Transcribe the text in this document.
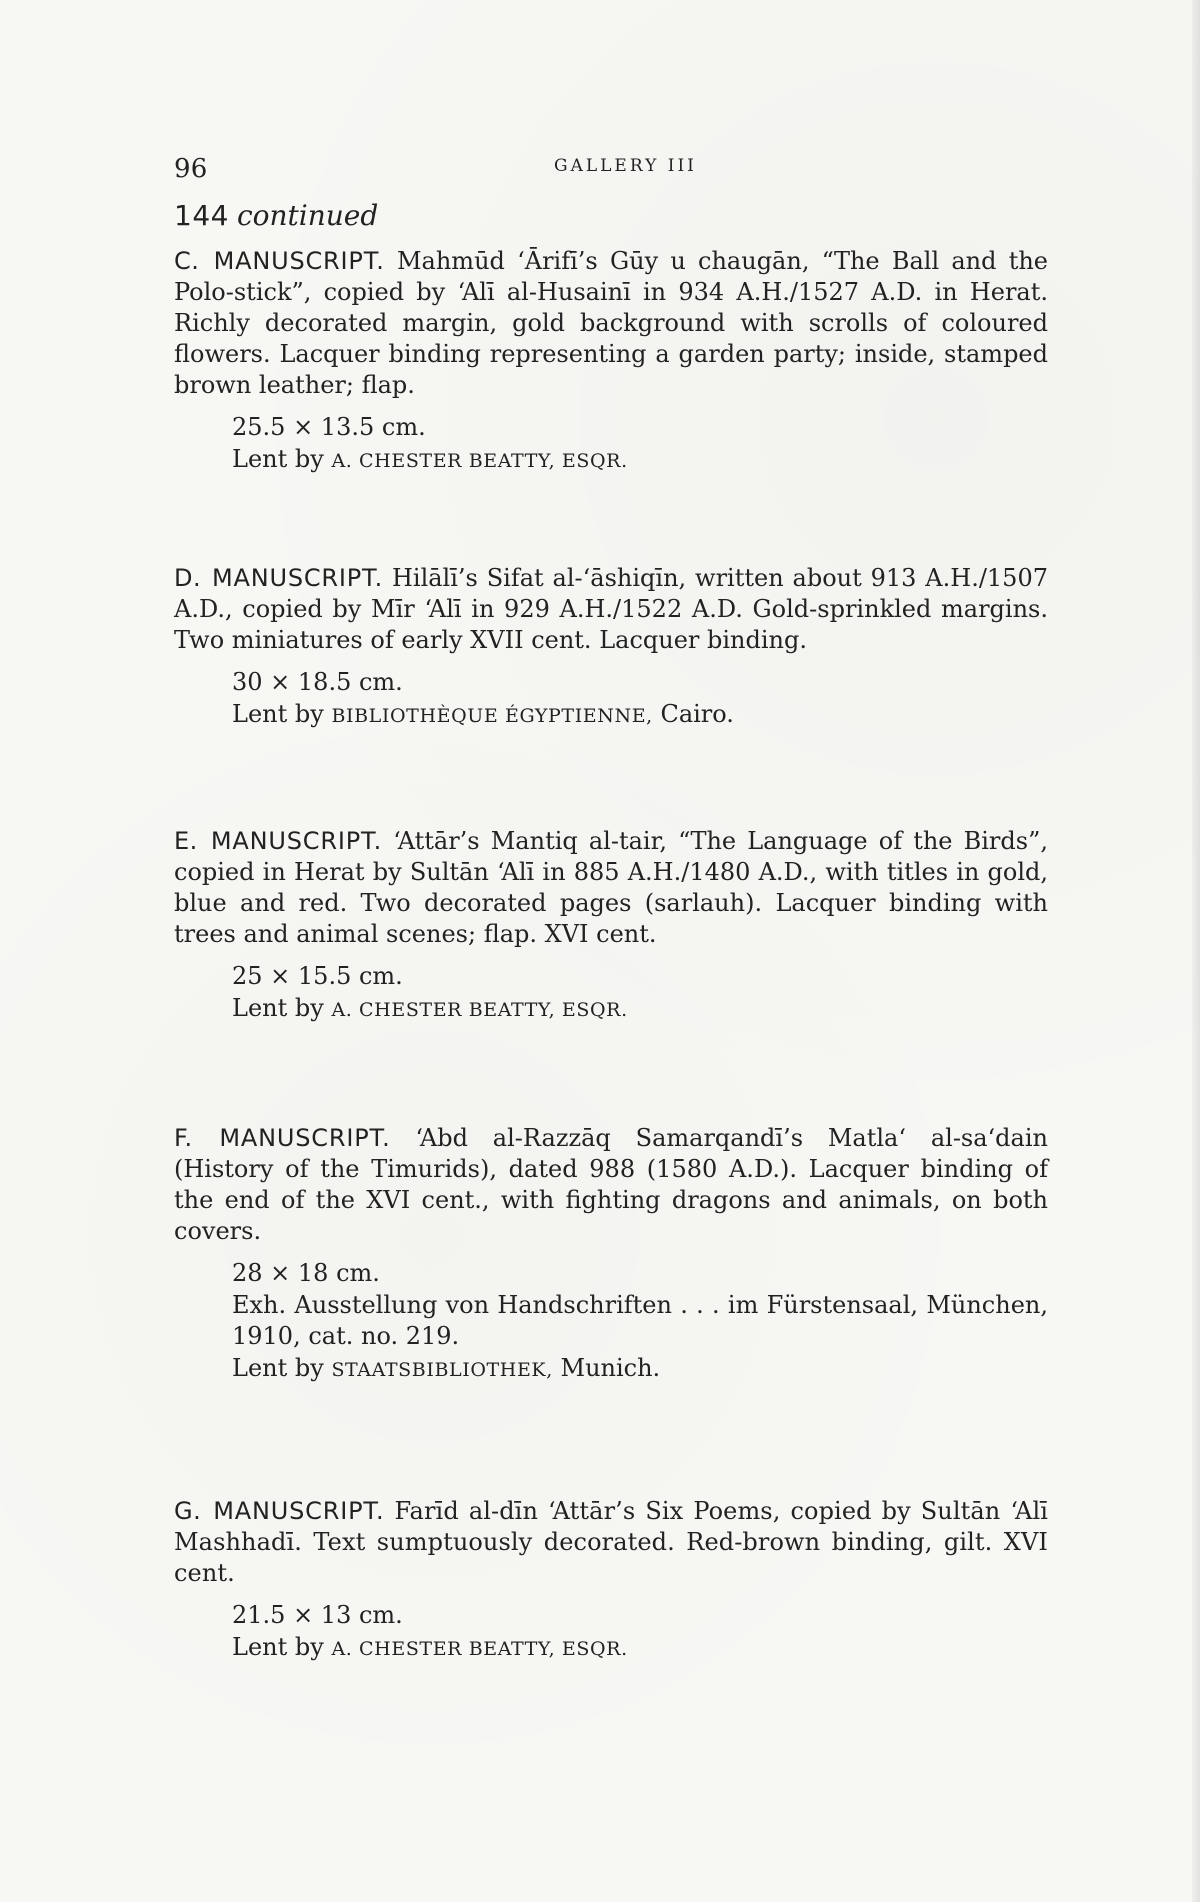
96	GALLERY III
144 continued

C. MANUSCRIPT. Mahmūd ‘Ārifī’s Gūy u chaugān, “The Ball and the Polo-stick”, copied by ‘Alī al-Husainī in 934 A.H./1527 A.D. in Herat. Richly decorated margin, gold background with scrolls of coloured flowers. Lacquer binding representing a garden party; inside, stamped brown leather; flap.

25.5 × 13.5 cm.
Lent by A. CHESTER BEATTY, ESQR.

D. MANUSCRIPT. Hilālī’s Sifat al-‘āshiqīn, written about 913 A.H./1507 A.D., copied by Mīr ‘Alī in 929 A.H./1522 A.D. Gold-sprinkled margins. Two miniatures of early XVII cent. Lacquer binding.

30 × 18.5 cm.
Lent by BIBLIOTHÈQUE ÉGYPTIENNE, Cairo.

E. MANUSCRIPT. ‘Attār’s Mantiq al-tair, “The Language of the Birds”, copied in Herat by Sultān ‘Alī in 885 A.H./1480 A.D., with titles in gold, blue and red. Two decorated pages (sarlauh). Lacquer binding with trees and animal scenes; flap. XVI cent.

25 × 15.5 cm.
Lent by A. CHESTER BEATTY, ESQR.

F. MANUSCRIPT. ‘Abd al-Razzāq Samarqandī’s Matla‘ al-sa‘dain (History of the Timurids), dated 988 (1580 A.D.). Lacquer binding of the end of the XVI cent., with fighting dragons and animals, on both covers.

28 × 18 cm.
Exh. Ausstellung von Handschriften . . . im Fürstensaal, München, 1910, cat. no. 219.
Lent by STAATSBIBLIOTHEK, Munich.

G. MANUSCRIPT. Farīd al-dīn ‘Attār’s Six Poems, copied by Sultān ‘Alī Mashhadī. Text sumptuously decorated. Red-brown binding, gilt. XVI cent.

21.5 × 13 cm.
Lent by A. CHESTER BEATTY, ESQR.
